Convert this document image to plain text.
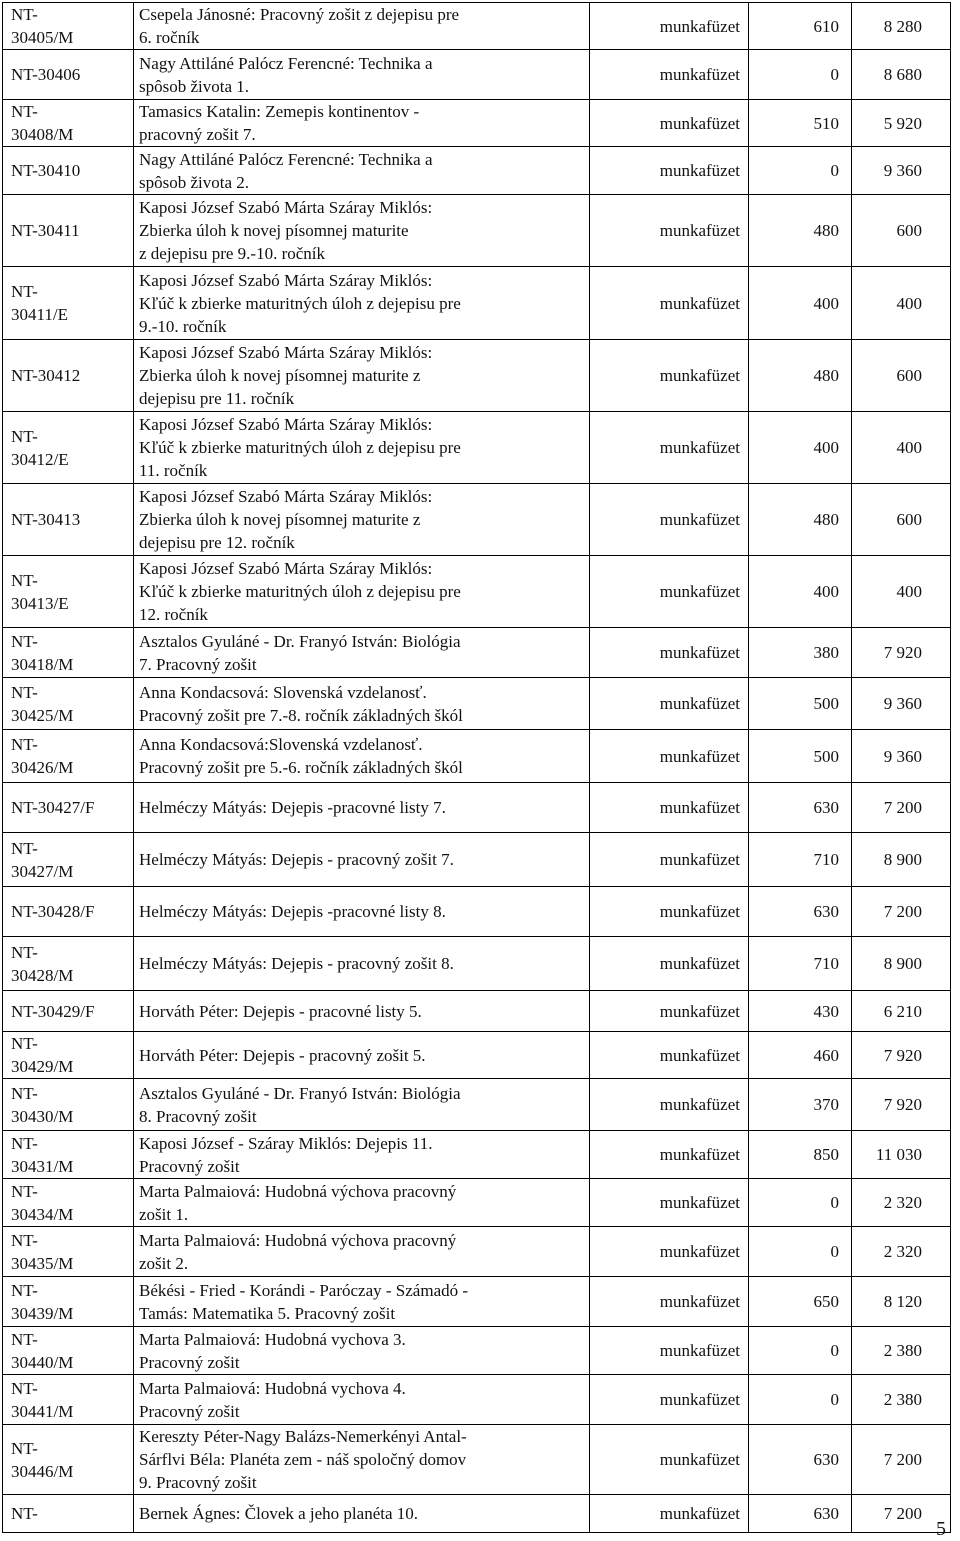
NT-
30405/M	Csepela Jánosné: Pracovný zošit z dejepisu pre
6. ročník	munkafüzet	610	8 280

NT-30406	Nagy Attiláné Palócz Ferencné: Technika a
spôsob života 1.	munkafüzet	0	8 680

NT-
30408/M	Tamasics Katalin: Zemepis kontinentov -
pracovný zošit 7.	munkafüzet	510	5 920

NT-30410	Nagy Attiláné Palócz Ferencné: Technika a
spôsob života 2.	munkafüzet	0	9 360

NT-30411	Kaposi József Szabó Márta Száray Miklós:
Zbierka úloh k novej písomnej maturite
z dejepisu pre 9.-10. ročník	munkafüzet	480	600

NT-
30411/E	Kaposi József Szabó Márta Száray Miklós:
Kľúč k zbierke maturitných úloh z dejepisu pre
9.-10. ročník	munkafüzet	400	400

NT-30412	Kaposi József Szabó Márta Száray Miklós:
Zbierka úloh k novej písomnej maturite z
dejepisu pre 11. ročník	munkafüzet	480	600

NT-
30412/E	Kaposi József Szabó Márta Száray Miklós:
Kľúč k zbierke maturitných úloh z dejepisu pre
11. ročník	munkafüzet	400	400

NT-30413	Kaposi József Szabó Márta Száray Miklós:
Zbierka úloh k novej písomnej maturite z
dejepisu pre 12. ročník	munkafüzet	480	600

NT-
30413/E	Kaposi József Szabó Márta Száray Miklós:
Kľúč k zbierke maturitných úloh z dejepisu pre
12. ročník	munkafüzet	400	400

NT-
30418/M	Asztalos Gyuláné - Dr. Franyó István: Biológia
7. Pracovný zošit	munkafüzet	380	7 920

NT-
30425/M	Anna Kondacsová: Slovenská vzdelanosť.
Pracovný zošit pre 7.-8. ročník základných škól	munkafüzet	500	9 360

NT-
30426/M	Anna Kondacsová:Slovenská vzdelanosť.
Pracovný zošit pre 5.-6. ročník základných škól	munkafüzet	500	9 360

NT-30427/F	Helméczy Mátyás: Dejepis -pracovné listy 7.	munkafüzet	630	7 200

NT-
30427/M	Helméczy Mátyás: Dejepis - pracovný zošit 7.	munkafüzet	710	8 900

NT-30428/F	Helméczy Mátyás: Dejepis -pracovné listy 8.	munkafüzet	630	7 200

NT-
30428/M	Helméczy Mátyás: Dejepis - pracovný zošit 8.	munkafüzet	710	8 900

NT-30429/F	Horváth Péter: Dejepis - pracovné listy 5.	munkafüzet	430	6 210

NT-
30429/M	Horváth Péter: Dejepis - pracovný zošit 5.	munkafüzet	460	7 920

NT-
30430/M	Asztalos Gyuláné - Dr. Franyó István: Biológia
8. Pracovný zošit	munkafüzet	370	7 920

NT-
30431/M	Kaposi József - Száray Miklós: Dejepis 11.
Pracovný zošit	munkafüzet	850	11 030

NT-
30434/M	Marta Palmaiová: Hudobná výchova pracovný
zošit 1.	munkafüzet	0	2 320

NT-
30435/M	Marta Palmaiová: Hudobná výchova pracovný
zošit 2.	munkafüzet	0	2 320

NT-
30439/M	Békési - Fried - Korándi - Paróczay - Számadó -
Tamás: Matematika 5. Pracovný zošit	munkafüzet	650	8 120

NT-
30440/M	Marta Palmaiová: Hudobná vychova 3.
Pracovný zošit	munkafüzet	0	2 380

NT-
30441/M	Marta Palmaiová: Hudobná vychova 4.
Pracovný zošit	munkafüzet	0	2 380

NT-
30446/M	Kereszty Péter-Nagy Balázs-Nemerkényi Antal-
Sárflvi Béla: Planéta zem - náš spoločný domov
9. Pracovný zošit	munkafüzet	630	7 200

NT-	Bernek Ágnes: Človek a jeho planéta 10.	munkafüzet	630	7 200
5
